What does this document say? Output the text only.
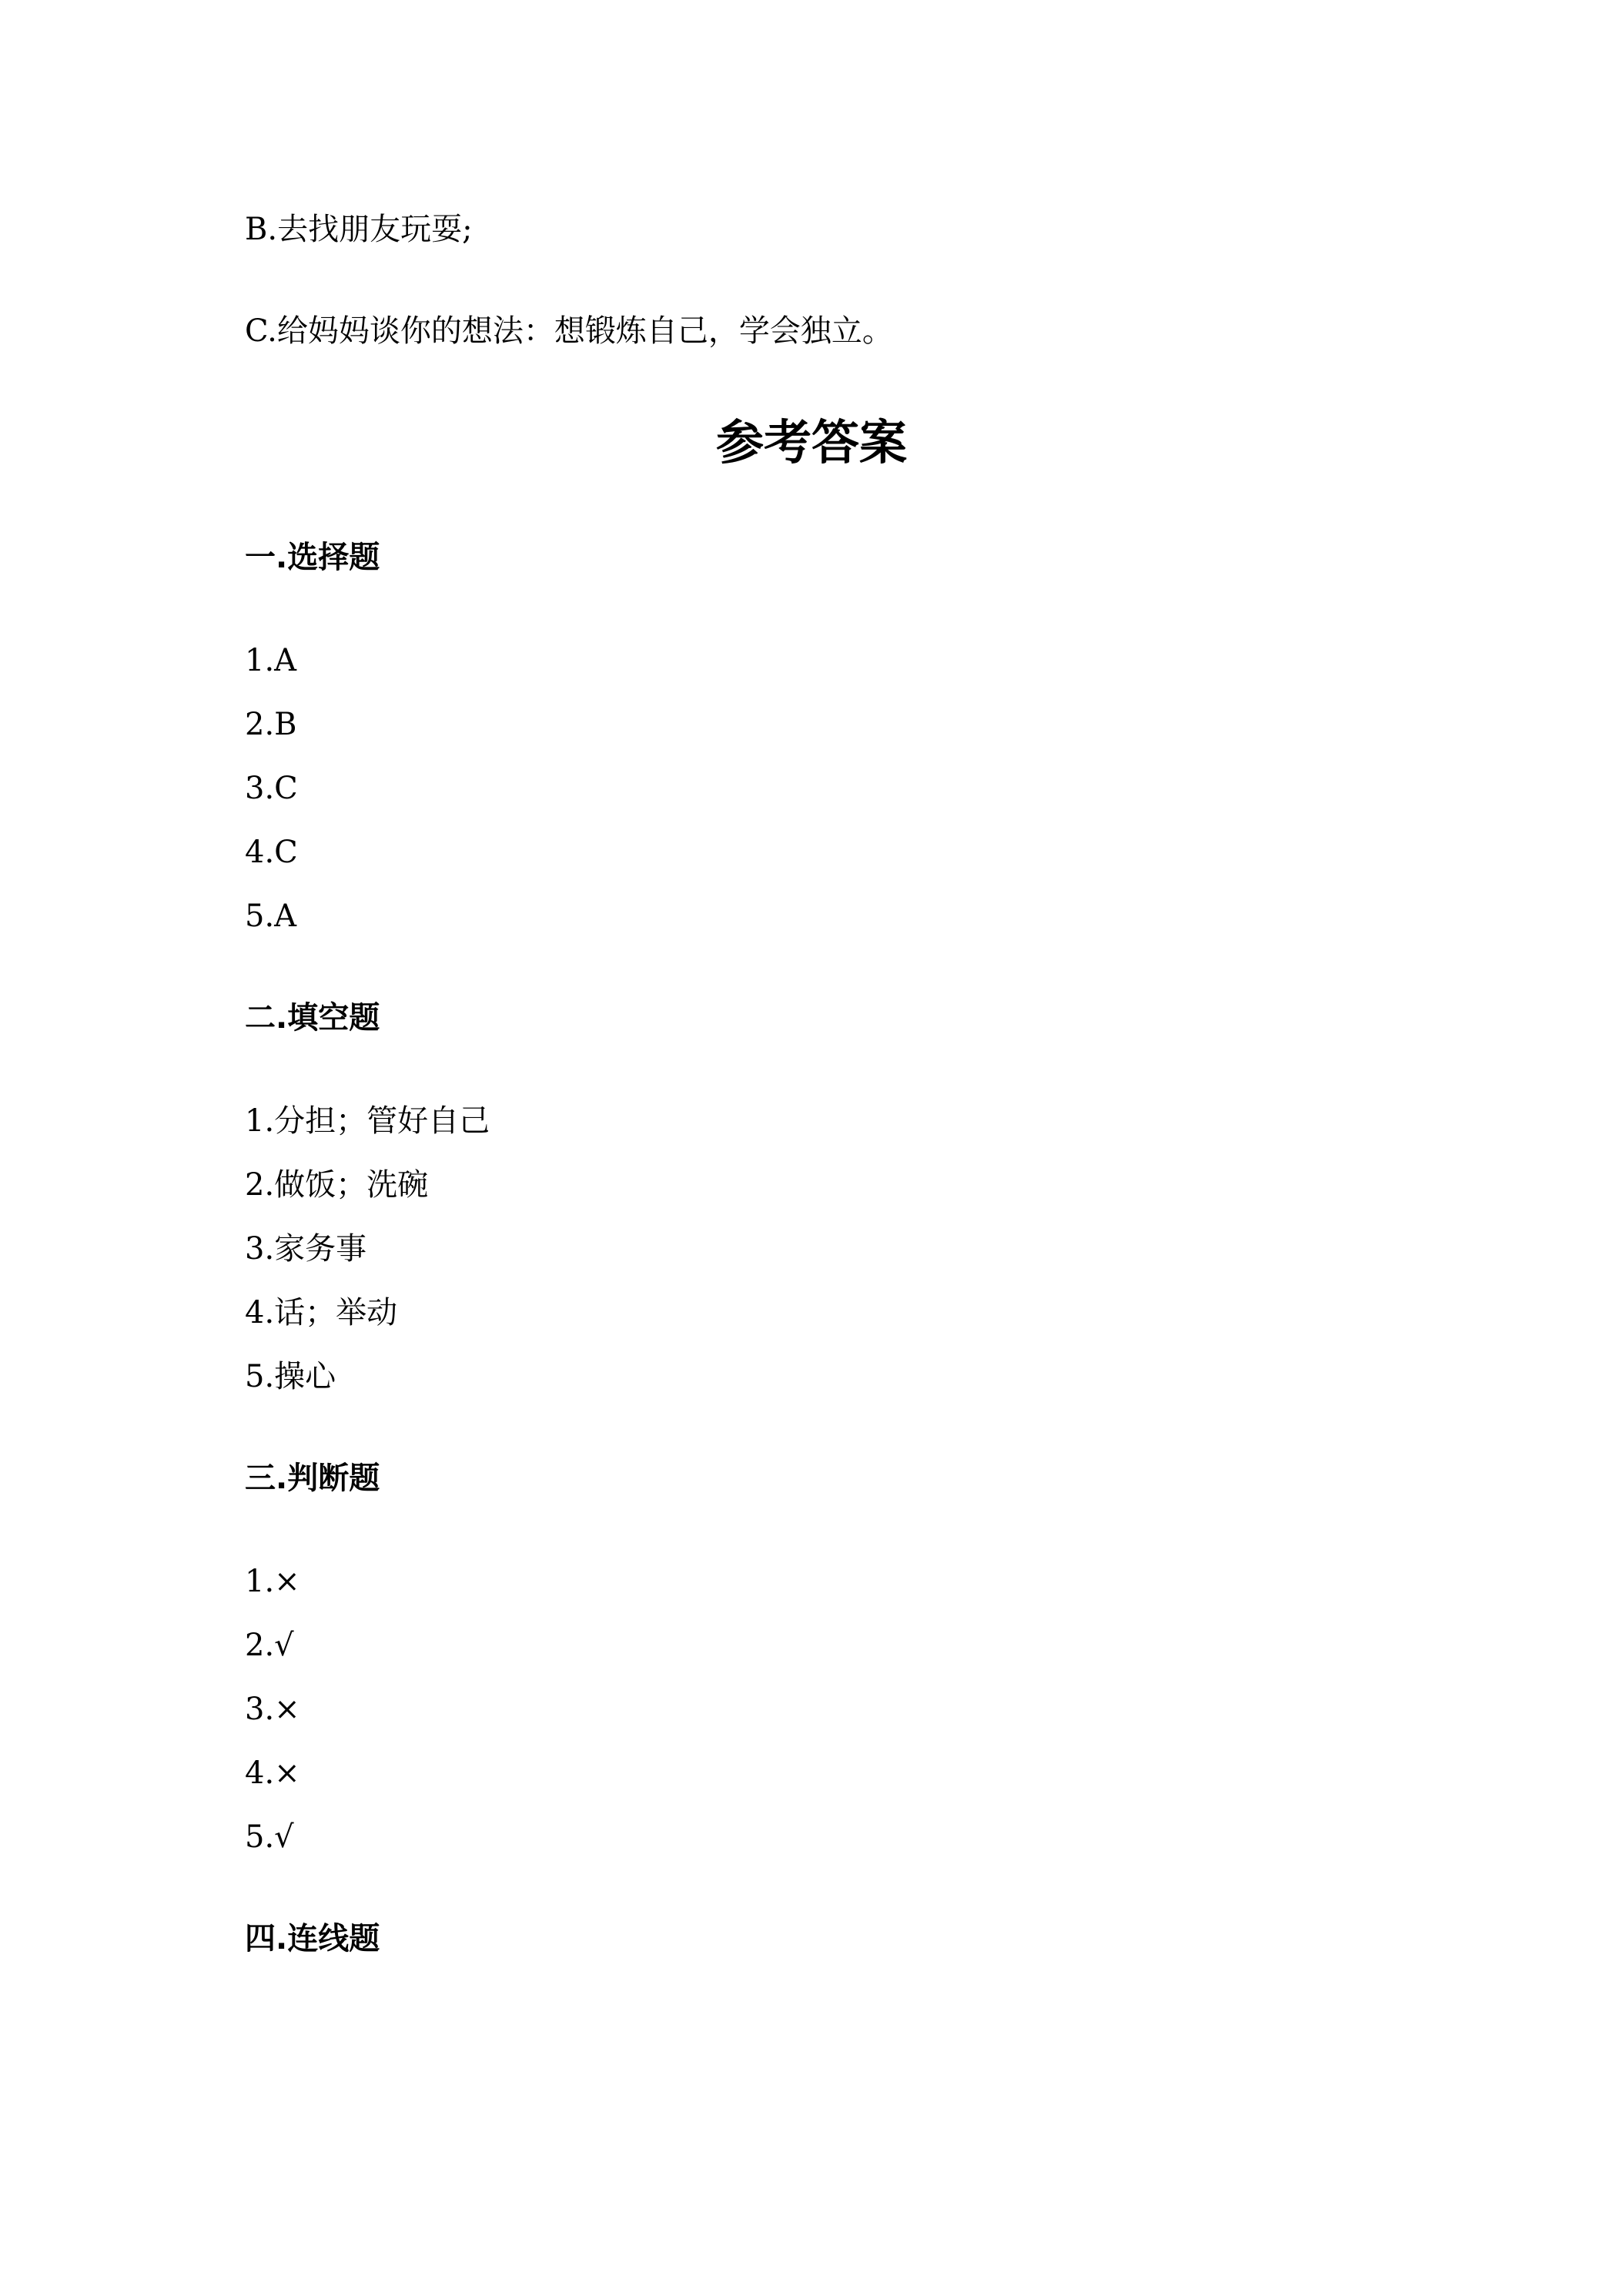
B.去找朋友玩耍;
C.给妈妈谈你的想法：想锻炼自己，学会独立。
参考答案
一.选择题
1.A
2.B
3.C
4.C
5.A
二.填空题
1.分担；管好自己
2.做饭；洗碗
3.家务事
4.话；举动
5.操心
三.判断题
1.×
2.√
3.×
4.×
5.√
四.连线题
